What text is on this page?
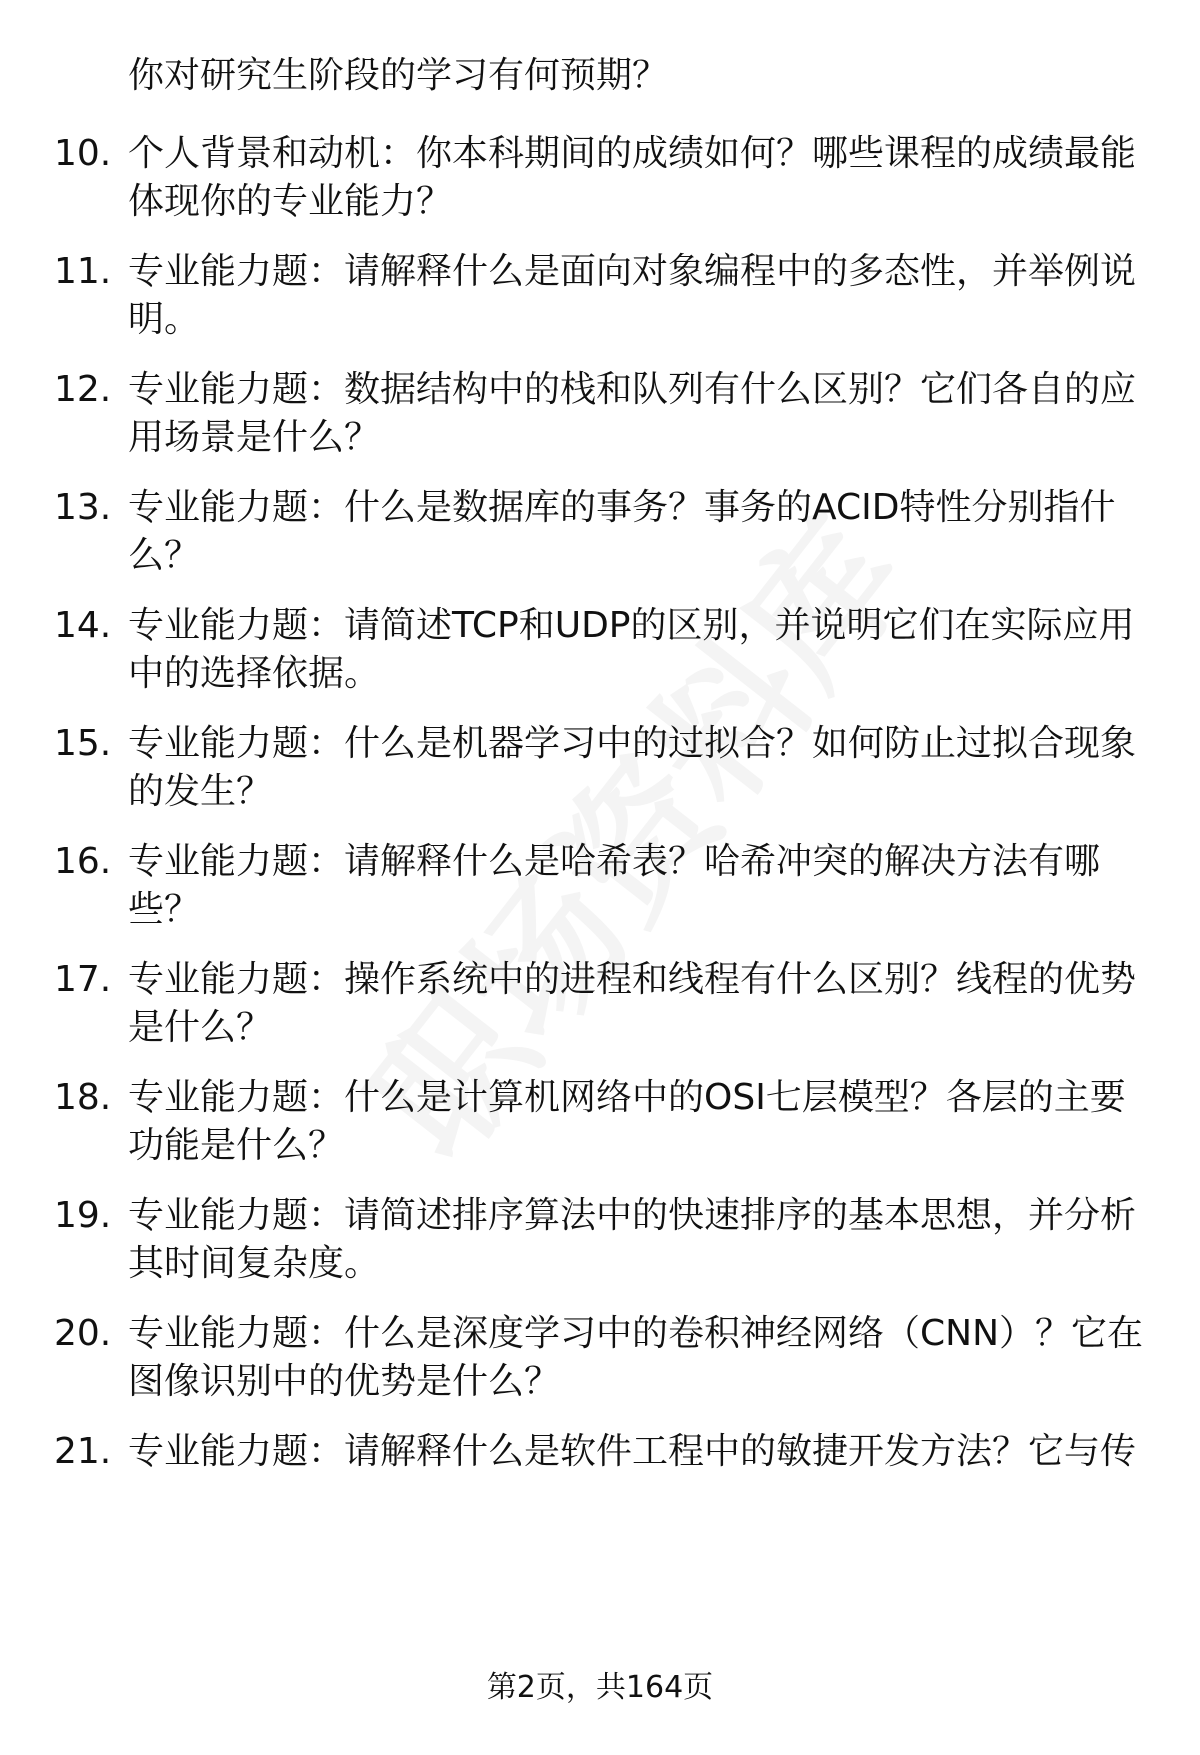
你对研究生阶段的学习有何预期？
10. 个人背景和动机：你本科期间的成绩如何？哪些课程的成绩最能
体现你的专业能力？
11. 专业能力题：请解释什么是面向对象编程中的多态性，并举例说
明。
12. 专业能力题：数据结构中的栈和队列有什么区别？它们各自的应
用场景是什么？
13. 专业能力题：什么是数据库的事务？事务的ACID特性分别指什
么？
14. 专业能力题：请简述TCP和UDP的区别，并说明它们在实际应用
中的选择依据。
15. 专业能力题：什么是机器学习中的过拟合？如何防止过拟合现象
的发生？
16. 专业能力题：请解释什么是哈希表？哈希冲突的解决方法有哪
些？
17. 专业能力题：操作系统中的进程和线程有什么区别？线程的优势
是什么？
18. 专业能力题：什么是计算机网络中的OSI七层模型？各层的主要
功能是什么？
19. 专业能力题：请简述排序算法中的快速排序的基本思想，并分析
其时间复杂度。
20. 专业能力题：什么是深度学习中的卷积神经网络（CNN）？它在
图像识别中的优势是什么？
21. 专业能力题：请解释什么是软件工程中的敏捷开发方法？它与传
第2页，共164页
